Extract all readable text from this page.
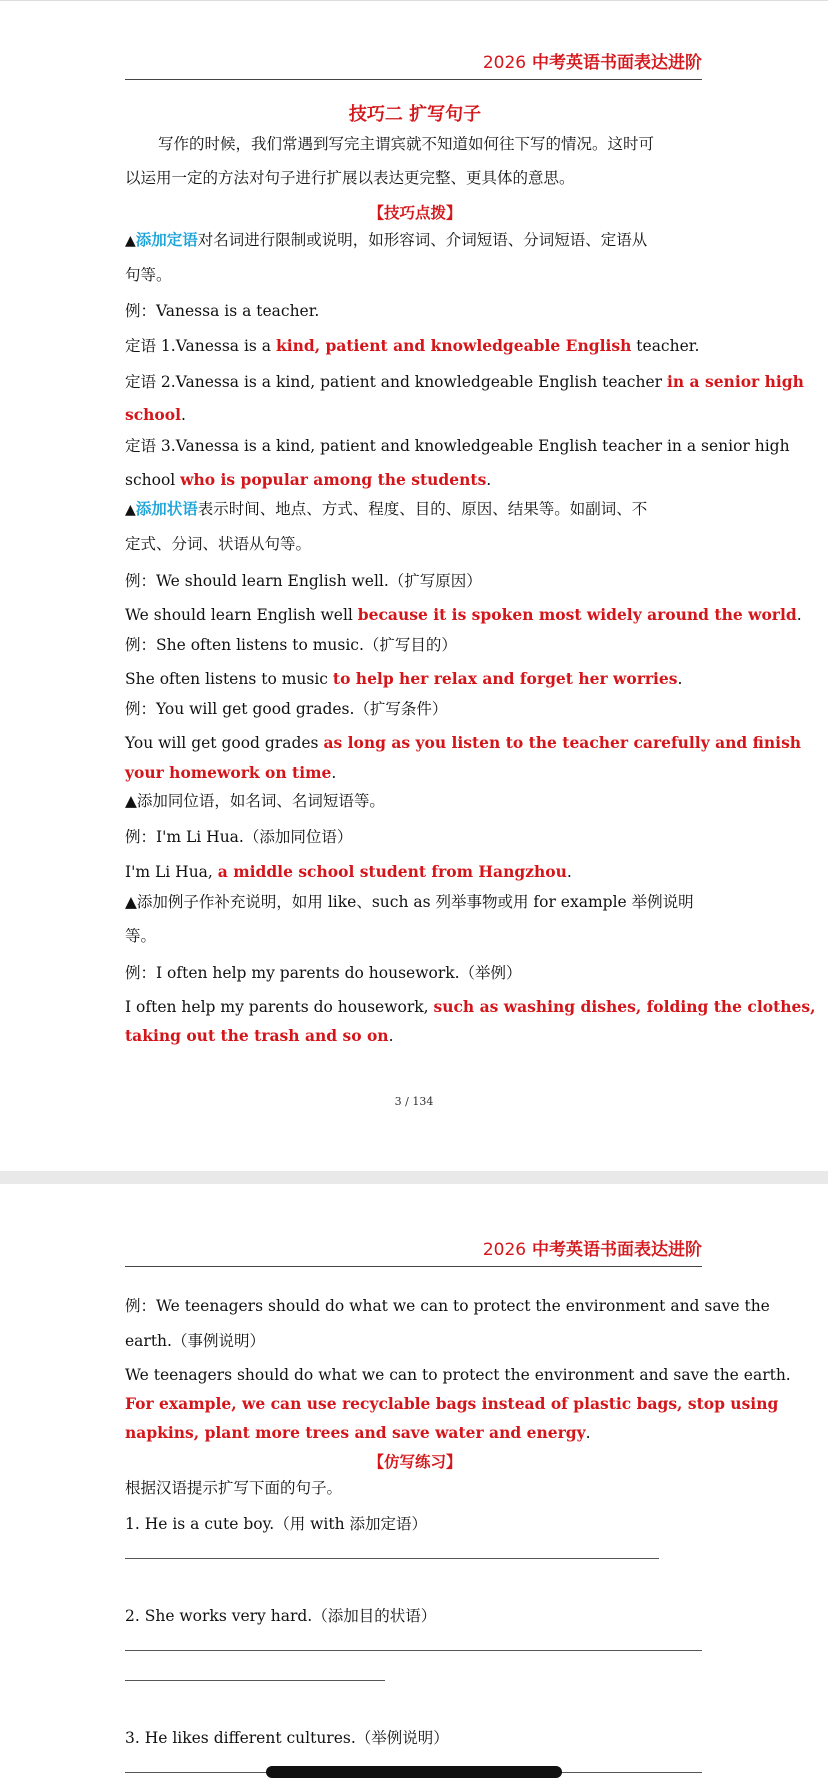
2026 中考英语书面表达进阶
技巧二 扩写句子
写作的时候，我们常遇到写完主谓宾就不知道如何往下写的情况。这时可
以运用一定的方法对句子进行扩展以表达更完整、更具体的意思。
【技巧点拨】
▲添加定语对名词进行限制或说明，如形容词、介词短语、分词短语、定语从
句等。
例：Vanessa is a teacher.
定语 1.Vanessa is a kind, patient and knowledgeable English teacher.
定语 2.Vanessa is a kind, patient and knowledgeable English teacher in a senior high
school.
定语 3.Vanessa is a kind, patient and knowledgeable English teacher in a senior high
school who is popular among the students.
▲添加状语表示时间、地点、方式、程度、目的、原因、结果等。如副词、不
定式、分词、状语从句等。
例：We should learn English well.（扩写原因）
We should learn English well because it is spoken most widely around the world.
例：She often listens to music.（扩写目的）
She often listens to music to help her relax and forget her worries.
例：You will get good grades.（扩写条件）
You will get good grades as long as you listen to the teacher carefully and finish
your homework on time.
▲添加同位语，如名词、名词短语等。
例：I'm Li Hua.（添加同位语）
I'm Li Hua, a middle school student from Hangzhou.
▲添加例子作补充说明，如用 like、such as 列举事物或用 for example 举例说明
等。
例：I often help my parents do housework.（举例）
I often help my parents do housework, such as washing dishes, folding the clothes,
taking out the trash and so on.
3 / 134
2026 中考英语书面表达进阶
例：We teenagers should do what we can to protect the environment and save the
earth.（事例说明）
We teenagers should do what we can to protect the environment and save the earth.
For example, we can use recyclable bags instead of plastic bags, stop using
napkins, plant more trees and save water and energy.
【仿写练习】
根据汉语提示扩写下面的句子。
1. He is a cute boy.（用 with 添加定语）
2. She works very hard.（添加目的状语）
3. He likes different cultures.（举例说明）
